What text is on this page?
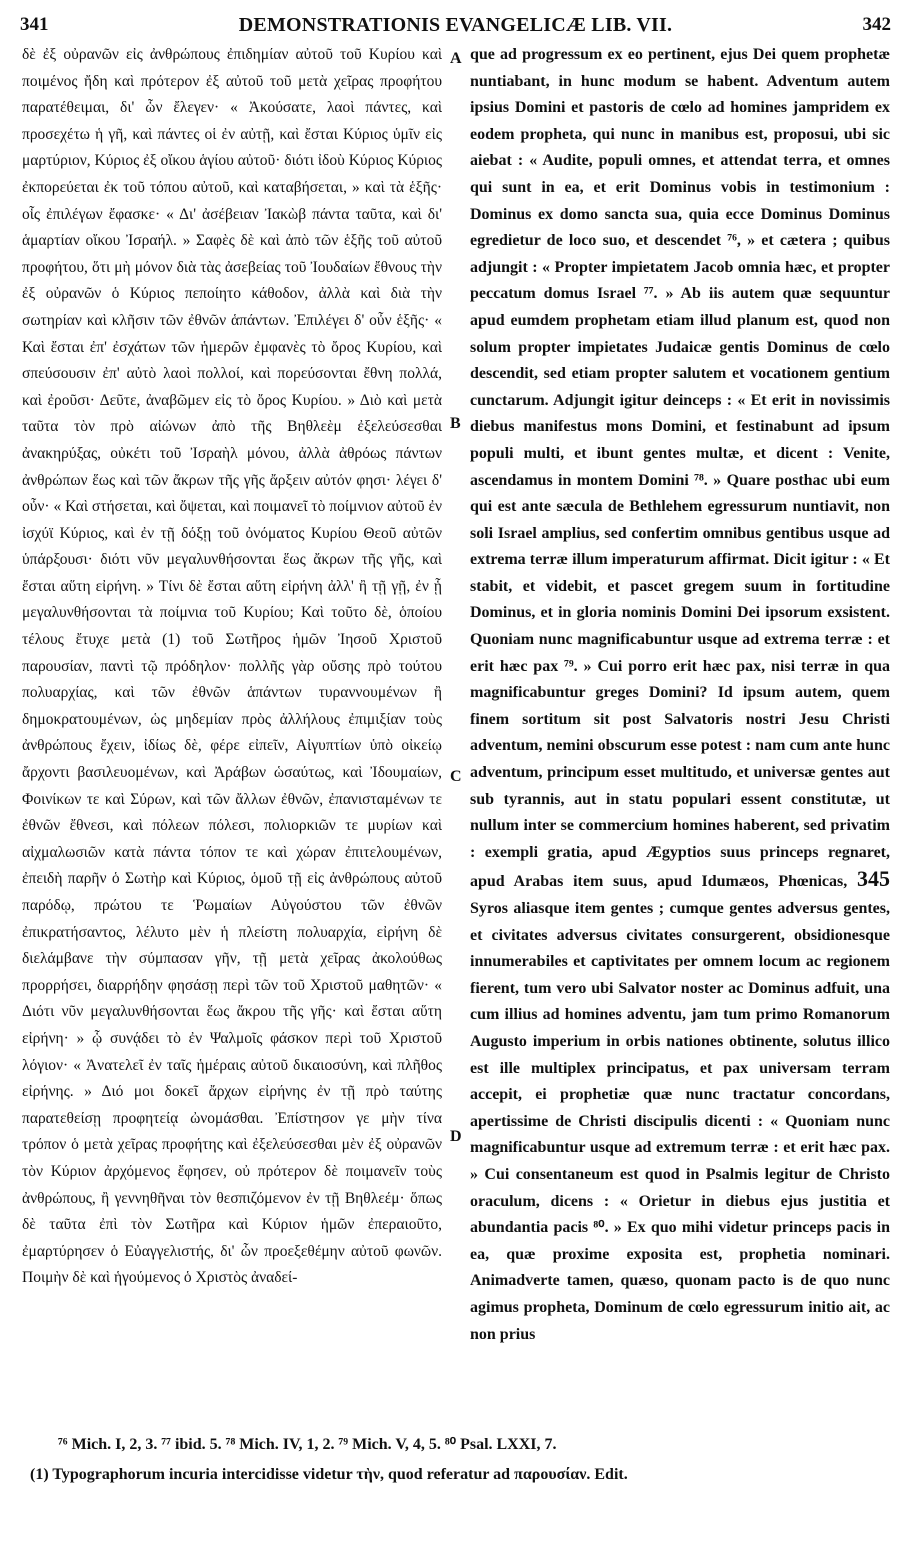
341	DEMONSTRATIONIS EVANGELICÆ LIB. VII.	342

δὲ ἐξ οὐρανῶν εἰς ἀνθρώπους ἐπιδημίαν αὐτοῦ τοῦ Κυρίου καὶ ποιμένος ἤδη καὶ πρότερον ἐξ αὐτοῦ τοῦ μετὰ χεῖρας προφήτου παρατέθειμαι, δι' ὧν ἔλεγεν· « Ἀκούσατε, λαοὶ πάντες, καὶ προσεχέτω ἡ γῆ, καὶ πάντες οἱ ἐν αὐτῇ, καὶ ἔσται Κύριος ὑμῖν εἰς μαρτύριον, Κύριος ἐξ οἴκου ἁγίου αὐτοῦ· διότι ἰδοὺ Κύριος Κύριος ἐκπορεύεται ἐκ τοῦ τόπου αὐτοῦ, καὶ καταβήσεται, » καὶ τὰ ἑξῆς· οἷς ἐπιλέγων ἔφασκε· « Δι' ἀσέβειαν Ἰακὼβ πάντα ταῦτα, καὶ δι' ἁμαρτίαν οἴκου Ἰσραήλ. » Σαφὲς δὲ καὶ ἀπὸ τῶν ἑξῆς τοῦ αὐτοῦ προφήτου, ὅτι μὴ μόνον διὰ τὰς ἀσεβείας τοῦ Ἰουδαίων ἔθνους τὴν ἐξ οὐρανῶν ὁ Κύριος πεποίητο κάθοδον, ἀλλὰ καὶ διὰ τὴν σωτηρίαν καὶ κλῆσιν τῶν ἐθνῶν ἁπάντων. Ἐπιλέγει δ' οὖν ἑξῆς· « Καὶ ἔσται ἐπ' ἐσχάτων τῶν ἡμερῶν ἐμφανὲς τὸ ὄρος Κυρίου, καὶ σπεύσουσιν ἐπ' αὐτὸ λαοὶ πολλοί, καὶ πορεύσονται ἔθνη πολλά, καὶ ἐροῦσι· Δεῦτε, ἀναβῶμεν εἰς τὸ ὄρος Κυρίου. » Διὸ καὶ μετὰ ταῦτα τὸν πρὸ αἰώνων ἀπὸ τῆς Βηθλεὲμ ἐξελεύσεσθαι ἀνακηρύξας, οὐκέτι τοῦ Ἰσραὴλ μόνου, ἀλλὰ ἀθρόως πάντων ἀνθρώπων ἕως καὶ τῶν ἄκρων τῆς γῆς ἄρξειν αὐτόν φησι· λέγει δ' οὖν· « Καὶ στήσεται, καὶ ὄψεται, καὶ ποιμανεῖ τὸ ποίμνιον αὐτοῦ ἐν ἰσχύϊ Κύριος, καὶ ἐν τῇ δόξῃ τοῦ ὀνόματος Κυρίου Θεοῦ αὐτῶν ὑπάρξουσι· διότι νῦν μεγαλυνθήσονται ἕως ἄκρων τῆς γῆς, καὶ ἔσται αὕτη εἰρήνη. » Τίνι δὲ ἔσται αὕτη εἰρήνη ἀλλ' ἢ τῇ γῇ, ἐν ᾗ μεγαλυνθήσονται τὰ ποίμνια τοῦ Κυρίου; Καὶ τοῦτο δὲ, ὁποίου τέλους ἔτυχε μετὰ (1) τοῦ Σωτῆρος ἡμῶν Ἰησοῦ Χριστοῦ παρουσίαν, παντὶ τῷ πρόδηλον· πολλῆς γὰρ οὔσης πρὸ τούτου πολυαρχίας, καὶ τῶν ἐθνῶν ἁπάντων τυραννουμένων ἢ δημοκρατουμένων, ὡς μηδεμίαν πρὸς ἀλλήλους ἐπιμιξίαν τοὺς ἀνθρώπους ἔχειν, ἰδίως δὲ, φέρε εἰπεῖν, Αἰγυπτίων ὑπὸ οἰκείῳ ἄρχοντι βασιλευομένων, καὶ Ἀράβων ὡσαύτως, καὶ Ἰδουμαίων, Φοινίκων τε καὶ Σύρων, καὶ τῶν ἄλλων ἐθνῶν, ἐπανισταμένων τε ἐθνῶν ἔθνεσι, καὶ πόλεων πόλεσι, πολιορκιῶν τε μυρίων καὶ αἰχμαλωσιῶν κατὰ πάντα τόπον τε καὶ χώραν ἐπιτελουμένων, ἐπειδὴ παρῆν ὁ Σωτὴρ καὶ Κύριος, ὁμοῦ τῇ εἰς ἀνθρώπους αὐτοῦ παρόδῳ, πρώτου τε Ῥωμαίων Αὐγούστου τῶν ἐθνῶν ἐπικρατήσαντος, λέλυτο μὲν ἡ πλείστη πολυαρχία, εἰρήνη δὲ διελάμβανε τὴν σύμπασαν γῆν, τῇ μετὰ χεῖρας ἀκολούθως προρρήσει, διαρρήδην φησάσῃ περὶ τῶν τοῦ Χριστοῦ μαθητῶν· « Διότι νῦν μεγαλυνθήσονται ἕως ἄκρου τῆς γῆς· καὶ ἔσται αὕτη εἰρήνη· » ᾧ συνᾴδει τὸ ἐν Ψαλμοῖς φάσκον περὶ τοῦ Χριστοῦ λόγιον· « Ἀνατελεῖ ἐν ταῖς ἡμέραις αὐτοῦ δικαιοσύνη, καὶ πλῆθος εἰρήνης. » Διό μοι δοκεῖ ἄρχων εἰρήνης ἐν τῇ πρὸ ταύτης παρατεθείσῃ προφητείᾳ ὠνομάσθαι. Ἐπίστησον γε μὴν τίνα τρόπον ὁ μετὰ χεῖρας προφήτης καὶ ἐξελεύσεσθαι μὲν ἐξ οὐρανῶν τὸν Κύριον ἀρχόμενος ἔφησεν, οὐ πρότερον δὲ ποιμανεῖν τοὺς ἀνθρώπους, ἢ γεννηθῆναι τὸν θεσπιζόμενον ἐν τῇ Βηθλεέμ· ὅπως δὲ ταῦτα ἐπὶ τὸν Σωτῆρα καὶ Κύριον ἡμῶν ἐπεραιοῦτο, ἐμαρτύρησεν ὁ Εὐαγγελιστής, δι' ὧν προεξεθέμην αὐτοῦ φωνῶν. Ποιμὴν δὲ καὶ ἡγούμενος ὁ Χριστὸς ἀναδεί-

A
B
C
D

que ad progressum ex eo pertinent, ejus Dei quem prophetæ nuntiabant, in hunc modum se habent. Adventum autem ipsius Domini et pastoris de cœlo ad homines jampridem ex eodem propheta, qui nunc in manibus est, proposui, ubi sic aiebat : « Audite, populi omnes, et attendat terra, et omnes qui sunt in ea, et erit Dominus vobis in testimonium : Dominus ex domo sancta sua, quia ecce Dominus Dominus egredietur de loco suo, et descendet ⁷⁶, » et cætera ; quibus adjungit : « Propter impietatem Jacob omnia hæc, et propter peccatum domus Israel ⁷⁷. » Ab iis autem quæ sequuntur apud eumdem prophetam etiam illud planum est, quod non solum propter impietates Judaicæ gentis Dominus de cœlo descendit, sed etiam propter salutem et vocationem gentium cunctarum. Adjungit igitur deinceps : « Et erit in novissimis diebus manifestus mons Domini, et festinabunt ad ipsum populi multi, et ibunt gentes multæ, et dicent : Venite, ascendamus in montem Domini ⁷⁸. » Quare posthac ubi eum qui est ante sæcula de Bethlehem egressurum nuntiavit, non soli Israel amplius, sed confertim omnibus gentibus usque ad extrema terræ illum imperaturum affirmat. Dicit igitur : « Et stabit, et videbit, et pascet gregem suum in fortitudine Dominus, et in gloria nominis Domini Dei ipsorum exsistent. Quoniam nunc magnificabuntur usque ad extrema terræ : et erit hæc pax ⁷⁹. » Cui porro erit hæc pax, nisi terræ in qua magnificabuntur greges Domini? Id ipsum autem, quem finem sortitum sit post Salvatoris nostri Jesu Christi adventum, nemini obscurum esse potest : nam cum ante hunc adventum, principum esset multitudo, et universæ gentes aut sub tyrannis, aut in statu populari essent constitutæ, ut nullum inter se commercium homines haberent, sed privatim : exempli gratia, apud Ægyptios suus princeps regnaret, apud Arabas item suus, apud Idumæos, Phœnicas, 345 Syros aliasque item gentes ; cumque gentes adversus gentes, et civitates adversus civitates consurgerent, obsidionesque innumerabiles et captivitates per omnem locum ac regionem fierent, tum vero ubi Salvator noster ac Dominus adfuit, una cum illius ad homines adventu, jam tum primo Romanorum Augusto imperium in orbis nationes obtinente, solutus illico est ille multiplex principatus, et pax universam terram accepit, ei prophetiæ quæ nunc tractatur concordans, apertissime de Christi discipulis dicenti : « Quoniam nunc magnificabuntur usque ad extremum terræ : et erit hæc pax. » Cui consentaneum est quod in Psalmis legitur de Christo oraculum, dicens : « Orietur in diebus ejus justitia et abundantia pacis ⁸⁰. » Ex quo mihi videtur princeps pacis in ea, quæ proxime exposita est, prophetia nominari. Animadverte tamen, quæso, quonam pacto is de quo nunc agimus propheta, Dominum de cœlo egressurum initio ait, ac non prius

⁷⁶ Mich. I, 2, 3. ⁷⁷ ibid. 5. ⁷⁸ Mich. IV, 1, 2. ⁷⁹ Mich. V, 4, 5. ⁸⁰ Psal. LXXI, 7.
(1) Typographorum incuria intercidisse videtur τὴν, quod referatur ad παρουσίαν. Edit.
